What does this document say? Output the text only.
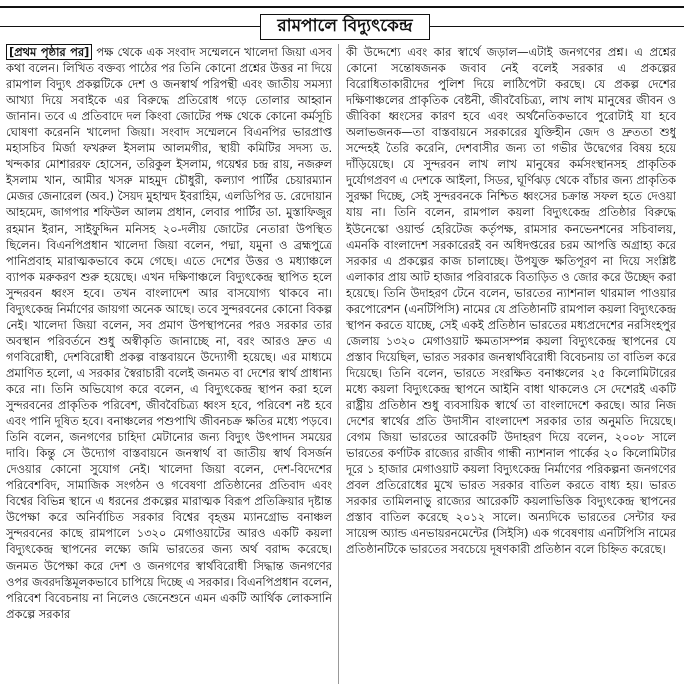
রামপালে বিদ্যুৎকেন্দ্র

[প্রথম পৃষ্ঠার পর] পক্ষ থেকে এক সংবাদ সম্মেলনে খালেদা জিয়া এসব কথা বলেন। লিখিত বক্তব্য পাঠের পর তিনি কোনো প্রশ্নের উত্তর না দিয়ে রামপাল বিদ্যুৎ প্রকল্পটিকে দেশ ও জনস্বার্থ পরিপন্থী এবং জাতীয় সমস্যা আখ্যা দিয়ে সবাইকে এর বিরুদ্ধে প্রতিরোধ গড়ে তোলার আহ্বান জানান। তবে এ প্রতিবাদে দল কিংবা জোটের পক্ষ থেকে কোনো কর্মসূচি ঘোষণা করেননি খালেদা জিয়া। সংবাদ সম্মেলনে বিএনপির ভারপ্রাপ্ত মহাসচিব মির্জা ফখরুল ইসলাম আলমগীর, স্থায়ী কমিটির সদস্য ড. খন্দকার মোশাররফ হোসেন, তরিকুল ইসলাম, গয়েশ্বর চন্দ্র রায়, নজরুল ইসলাম খান, আমীর খসরু মাহমুদ চৌধুরী, কল্যাণ পার্টির চেয়ারম্যান মেজর জেনারেল (অব.) সৈয়দ মুহাম্মদ ইবরাহিম, এলডিপির ড. রেদোয়ান আহমেদ, জাগপার শফিউল আলম প্রধান, লেবার পার্টির ডা. মুস্তাফিজুর রহমান ইরান, সাইফুদ্দিন মনিসহ ২০-দলীয় জোটের নেতারা উপস্থিত ছিলেন। বিএনপিপ্রধান খালেদা জিয়া বলেন, পদ্মা, যমুনা ও ব্রহ্মপুত্রে পানিপ্রবাহ মারাত্মকভাবে কমে গেছে। এতে দেশের উত্তর ও মধ্যাঞ্চলে ব্যাপক মরুকরণ শুরু হয়েছে। এখন দক্ষিণাঞ্চলে বিদ্যুৎকেন্দ্র স্থাপিত হলে সুন্দরবন ধ্বংস হবে। তখন বাংলাদেশ আর বাসযোগ্য থাকবে না। বিদ্যুৎকেন্দ্র নির্মাণের জায়গা অনেক আছে। তবে সুন্দরবনের কোনো বিকল্প নেই। খালেদা জিয়া বলেন, সব প্রমাণ উপস্থাপনের পরও সরকার তার অবস্থান পরিবর্তনে শুধু অস্বীকৃতি জানাচ্ছে না, বরং আরও দ্রুত এ গণবিরোধী, দেশবিরোধী প্রকল্প বাস্তবায়নে উদ্যোগী হয়েছে। এর মাধ্যমে প্রমাণিত হলো, এ সরকার স্বৈরাচারী বলেই জনমত বা দেশের স্বার্থ প্রাধান্য করে না। তিনি অভিযোগ করে বলেন, এ বিদ্যুৎকেন্দ্র স্থাপন করা হলে সুন্দরবনের প্রাকৃতিক পরিবেশ, জীববৈচিত্র্য ধ্বংস হবে, পরিবেশ নষ্ট হবে এবং পানি দূষিত হবে। বনাঞ্চলের পশুপাখি জীবনচক্র ক্ষতির মধ্যে পড়বে। তিনি বলেন, জনগণের চাহিদা মেটানোর জন্য বিদ্যুৎ উৎপাদন সময়ের দাবি। কিন্তু সে উদ্যোগ বাস্তবায়নে জনস্বার্থ বা জাতীয় স্বার্থ বিসর্জন দেওয়ার কোনো সুযোগ নেই। খালেদা জিয়া বলেন, দেশ-বিদেশের পরিবেশবিদ, সামাজিক সংগঠন ও গবেষণা প্রতিষ্ঠানের প্রতিবাদ এবং বিশ্বের বিভিন্ন স্থানে এ ধরনের প্রকল্পের মারাত্মক বিরূপ প্রতিক্রিয়ার দৃষ্টান্ত উপেক্ষা করে অনির্বাচিত সরকার বিশ্বের বৃহত্তম ম্যানগ্রোভ বনাঞ্চল সুন্দরবনের কাছে রামপালে ১৩২০ মেগাওয়াটের আরও একটি কয়লা বিদ্যুৎকেন্দ্র স্থাপনের লক্ষ্যে জমি ভারতের জন্য অর্থ বরাদ্দ করেছে। জনমত উপেক্ষা করে দেশ ও জনগণের স্বার্থবিরোধী সিদ্ধান্ত জনগণের ওপর জবরদস্তিমূলকভাবে চাপিয়ে দিচ্ছে এ সরকার। বিএনপিপ্রধান বলেন, পরিবেশ বিবেচনায় না নিলেও জেনেশুনে এমন একটি আর্থিক লোকসানি প্রকল্পে সরকার

কী উদ্দেশ্যে এবং কার স্বার্থে জড়াল—এটাই জনগণের প্রশ্ন। এ প্রশ্নের কোনো সন্তোষজনক জবাব নেই বলেই সরকার এ প্রকল্পের বিরোধিতাকারীদের পুলিশ দিয়ে লাঠিপেটা করছে। যে প্রকল্প দেশের দক্ষিণাঞ্চলের প্রাকৃতিক বেষ্টনী, জীববৈচিত্র্য, লাখ লাখ মানুষের জীবন ও জীবিকা ধ্বংসের কারণ হবে এবং অর্থনৈতিকভাবে পুরোটাই যা হবে অলাভজনক—তা বাস্তবায়নে সরকারের যুক্তিহীন জেদ ও দ্রুততা শুধু সন্দেহই তৈরি করেনি, দেশবাসীর জন্য তা গভীর উদ্বেগের বিষয় হয়ে দাঁড়িয়েছে। যে সুন্দরবন লাখ লাখ মানুষের কর্মসংস্থানসহ প্রাকৃতিক দুর্যোগপ্রবণ এ দেশকে আইলা, সিডর, ঘূর্ণিঝড় থেকে বাঁচার জন্য প্রাকৃতিক সুরক্ষা দিচ্ছে, সেই সুন্দরবনকে নিশ্চিত ধ্বংসের চক্রান্ত সফল হতে দেওয়া যায় না। তিনি বলেন, রামপাল কয়লা বিদ্যুৎকেন্দ্র প্রতিষ্ঠার বিরুদ্ধে ইউনেস্কো ওয়ার্ল্ড হেরিটেজ কর্তৃপক্ষ, রামসার কনভেনশনের সচিবালয়, এমনকি বাংলাদেশ সরকারেরই বন অধিদপ্তরের চরম আপত্তি অগ্রাহ্য করে সরকার এ প্রকল্পের কাজ চালাচ্ছে। উপযুক্ত ক্ষতিপূরণ না দিয়ে সংশ্লিষ্ট এলাকার প্রায় আট হাজার পরিবারকে বিতাড়িত ও জোর করে উচ্ছেদ করা হয়েছে। তিনি উদাহরণ টেনে বলেন, ভারতের ন্যাশনাল থারমাল পাওয়ার করপোরেশন (এনটিপিসি) নামের যে প্রতিষ্ঠানটি রামপাল কয়লা বিদ্যুৎকেন্দ্র স্থাপন করতে যাচ্ছে, সেই একই প্রতিষ্ঠান ভারতের মধ্যপ্রদেশের নরসিংহপুর জেলায় ১৩২০ মেগাওয়াট ক্ষমতাসম্পন্ন কয়লা বিদ্যুৎকেন্দ্র স্থাপনের যে প্রস্তাব দিয়েছিল, ভারত সরকার জনস্বার্থবিরোধী বিবেচনায় তা বাতিল করে দিয়েছে। তিনি বলেন, ভারতে সংরক্ষিত বনাঞ্চলের ২৫ কিলোমিটারের মধ্যে কয়লা বিদ্যুৎকেন্দ্র স্থাপনে আইনি বাধা থাকলেও সে দেশেরই একটি রাষ্ট্রীয় প্রতিষ্ঠান শুধু ব্যবসায়িক স্বার্থে তা বাংলাদেশে করছে। আর নিজ দেশের স্বার্থের প্রতি উদাসীন বাংলাদেশ সরকার তার অনুমতি দিয়েছে। বেগম জিয়া ভারতের আরেকটি উদাহরণ দিয়ে বলেন, ২০০৮ সালে ভারতের কর্ণাটক রাজ্যের রাজীব গান্ধী ন্যাশনাল পার্কের ২০ কিলোমিটার দূরে ১ হাজার মেগাওয়াট কয়লা বিদ্যুৎকেন্দ্র নির্মাণের পরিকল্পনা জনগণের প্রবল প্রতিরোধের মুখে ভারত সরকার বাতিল করতে বাধ্য হয়। ভারত সরকার তামিলনাড়ু রাজ্যের আরেকটি কয়লাভিত্তিক বিদ্যুৎকেন্দ্র স্থাপনের প্রস্তাব বাতিল করেছে ২০১২ সালে। অন্যদিকে ভারতের সেন্টার ফর সায়েন্স অ্যান্ড এনভায়রনমেন্টের (সিইসি) এক গবেষণায় এনটিপিসি নামের প্রতিষ্ঠানটিকে ভারতের সবচেয়ে দূষণকারী প্রতিষ্ঠান বলে চিহ্নিত করেছে।
